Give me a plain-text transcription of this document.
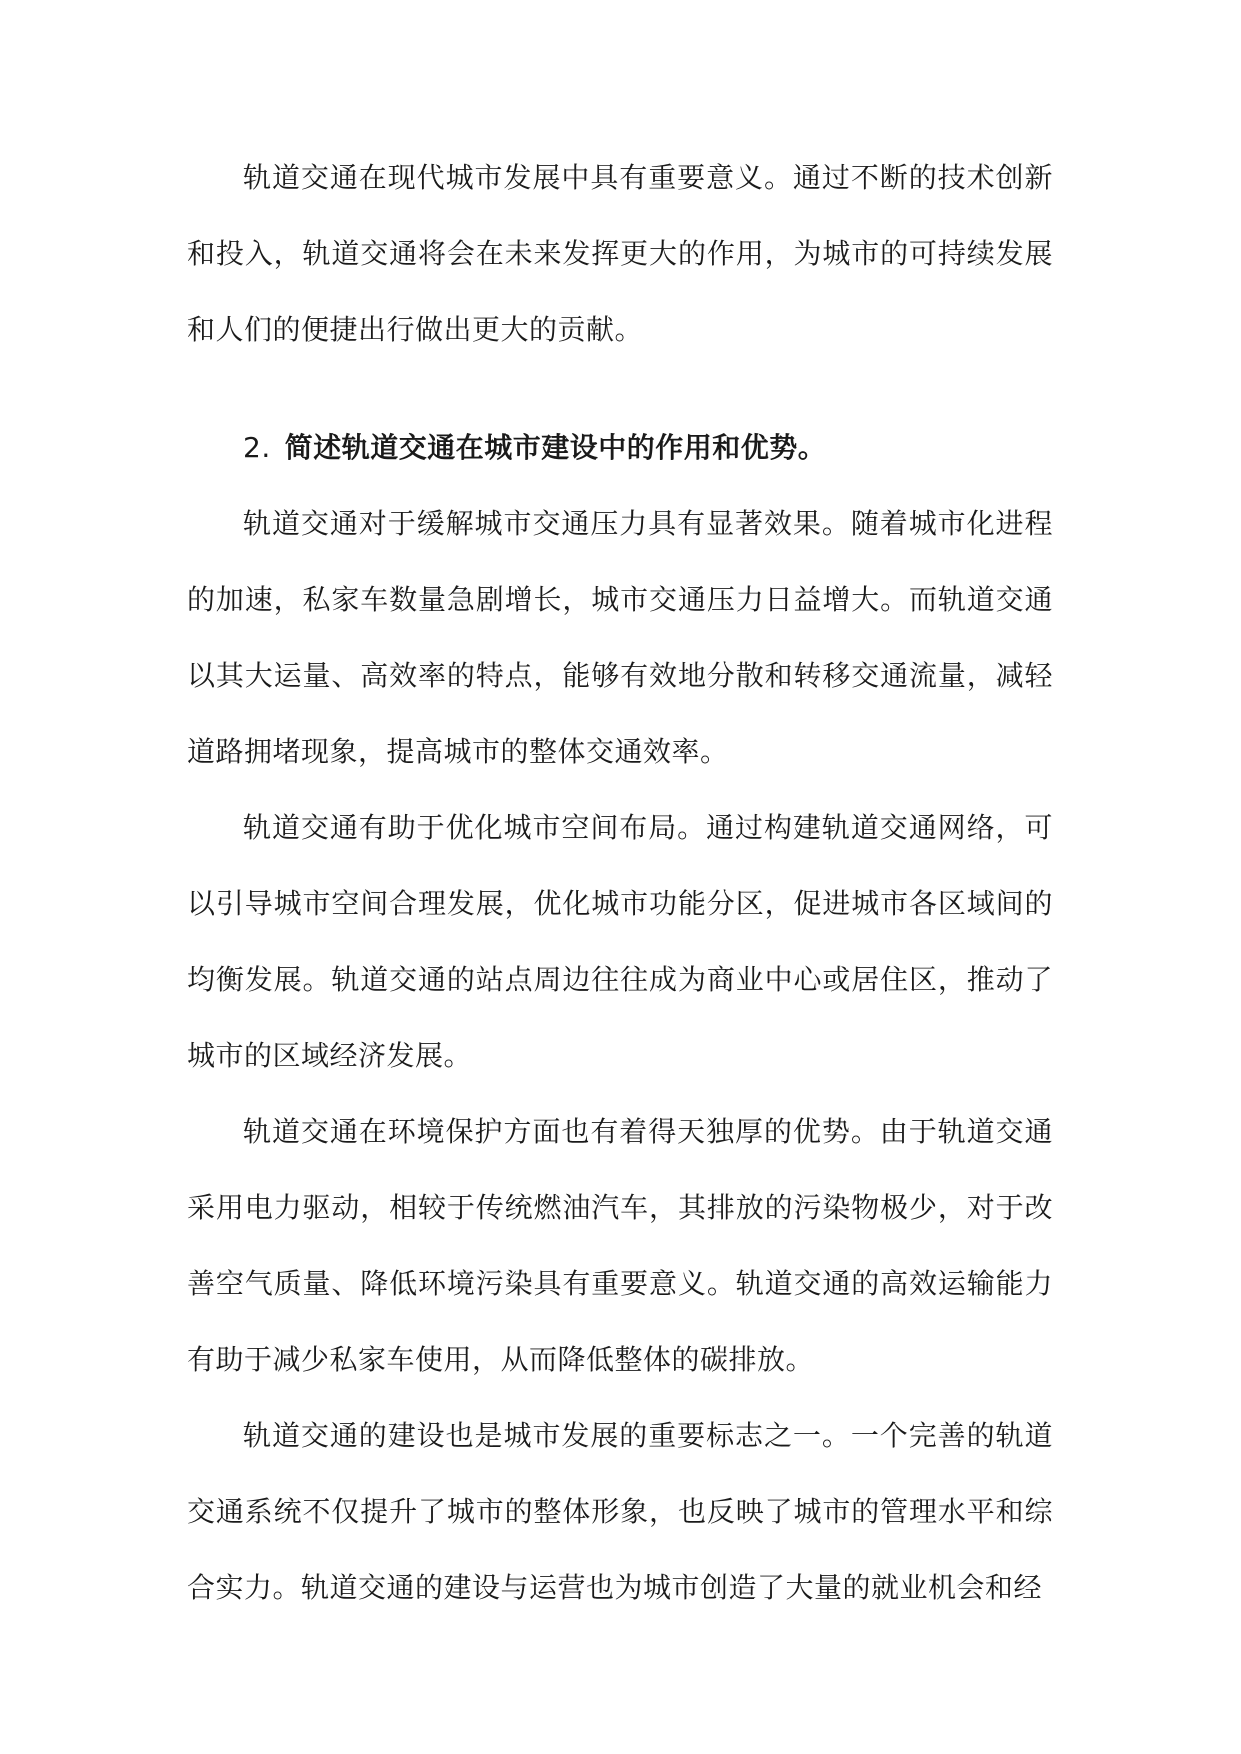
轨道交通在现代城市发展中具有重要意义。通过不断的技术创新和投入，轨道交通将会在未来发挥更大的作用，为城市的可持续发展和人们的便捷出行做出更大的贡献。

2. 简述轨道交通在城市建设中的作用和优势。

轨道交通对于缓解城市交通压力具有显著效果。随着城市化进程的加速，私家车数量急剧增长，城市交通压力日益增大。而轨道交通以其大运量、高效率的特点，能够有效地分散和转移交通流量，减轻道路拥堵现象，提高城市的整体交通效率。

轨道交通有助于优化城市空间布局。通过构建轨道交通网络，可以引导城市空间合理发展，优化城市功能分区，促进城市各区域间的均衡发展。轨道交通的站点周边往往成为商业中心或居住区，推动了城市的区域经济发展。

轨道交通在环境保护方面也有着得天独厚的优势。由于轨道交通采用电力驱动，相较于传统燃油汽车，其排放的污染物极少，对于改善空气质量、降低环境污染具有重要意义。轨道交通的高效运输能力有助于减少私家车使用，从而降低整体的碳排放。

轨道交通的建设也是城市发展的重要标志之一。一个完善的轨道交通系统不仅提升了城市的整体形象，也反映了城市的管理水平和综合实力。轨道交通的建设与运营也为城市创造了大量的就业机会和经
